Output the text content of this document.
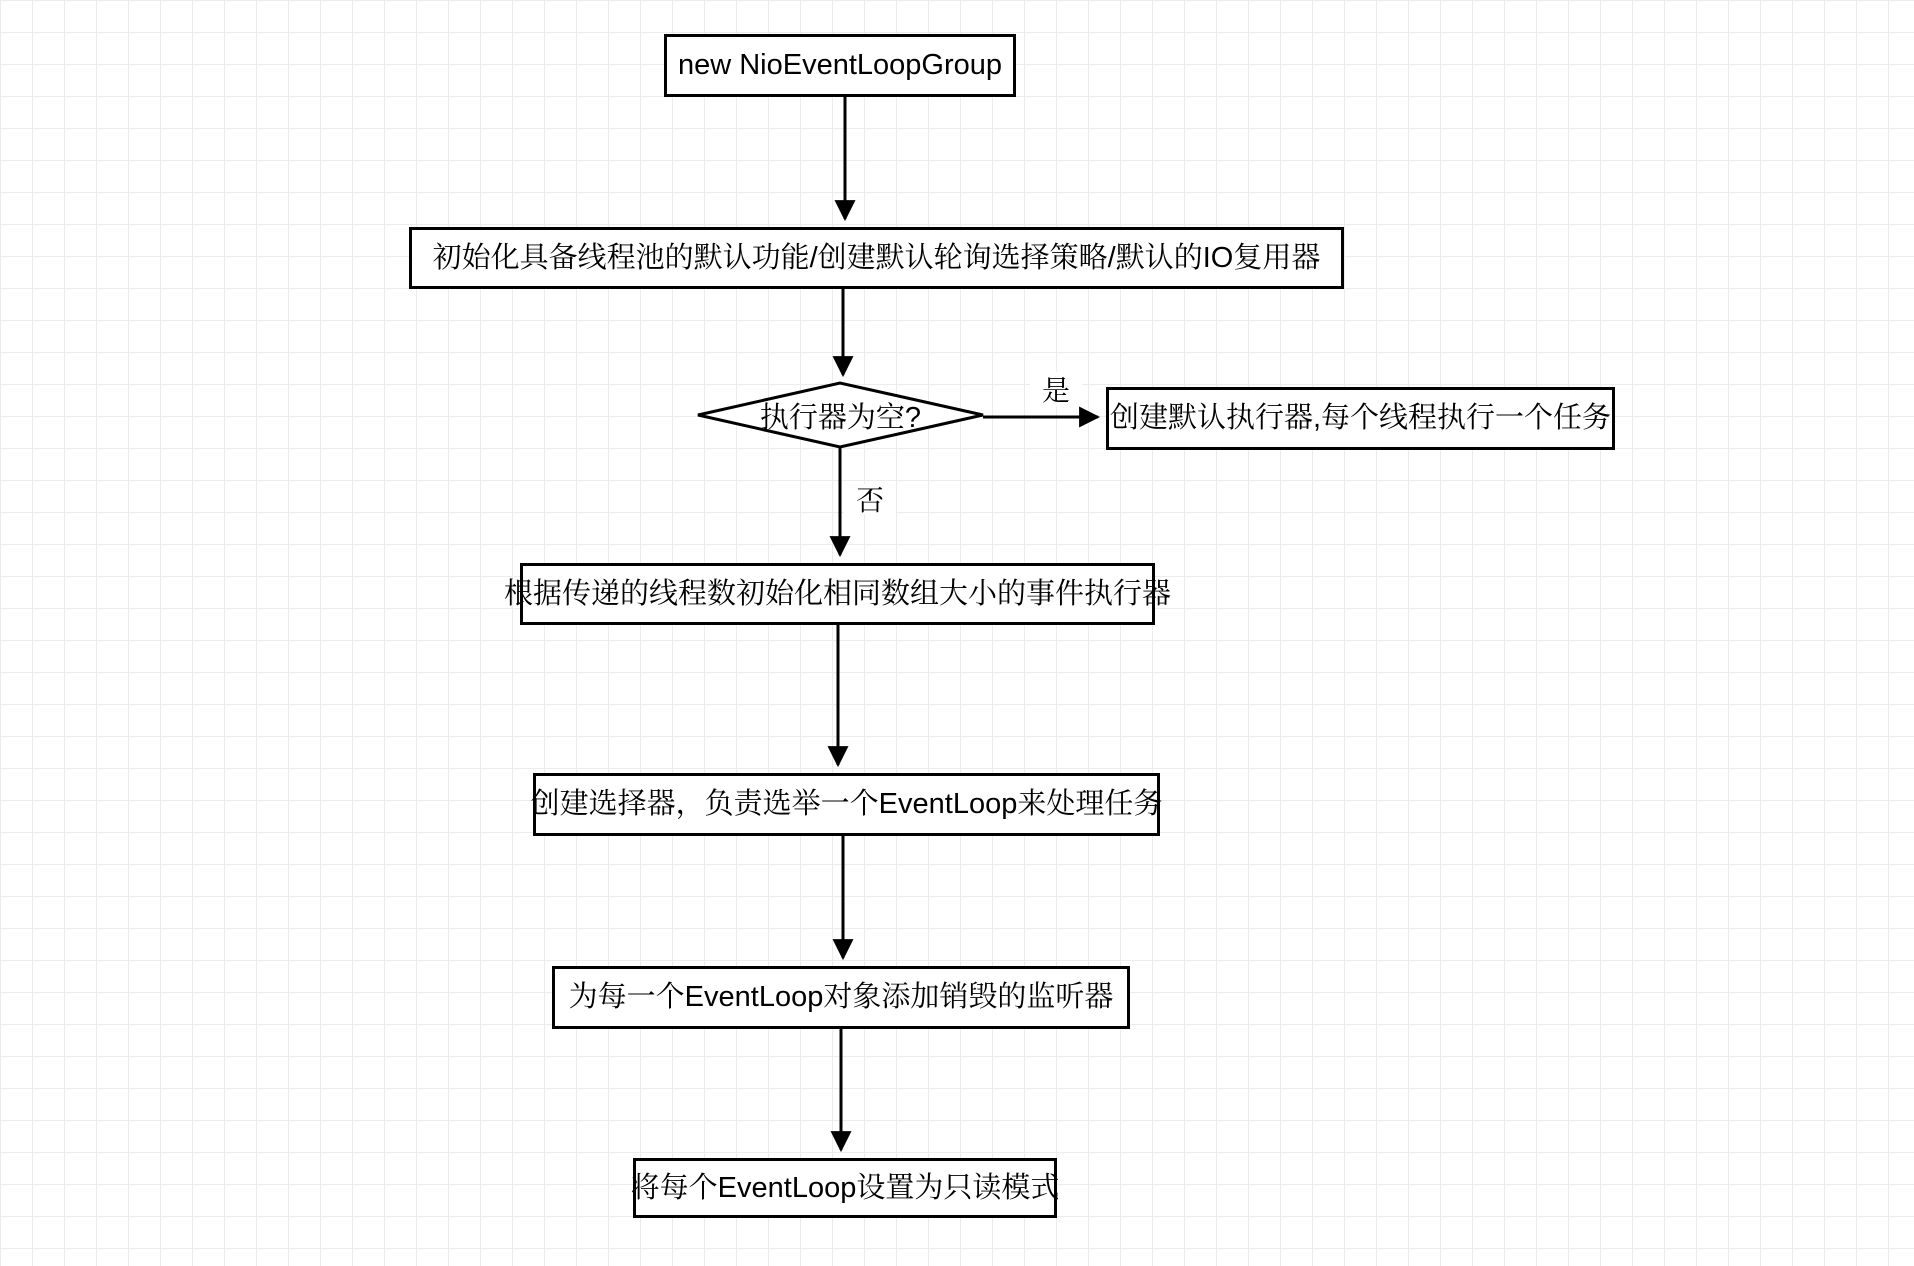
new NioEventLoopGroup
初始化具备线程池的默认功能/创建默认轮询选择策略/默认的IO复用器
执行器为空?
是
否
创建默认执行器,每个线程执行一个任务
根据传递的线程数初始化相同数组大小的事件执行器
创建选择器，负责选举一个EventLoop来处理任务
为每一个EventLoop对象添加销毁的监听器
将每个EventLoop设置为只读模式
